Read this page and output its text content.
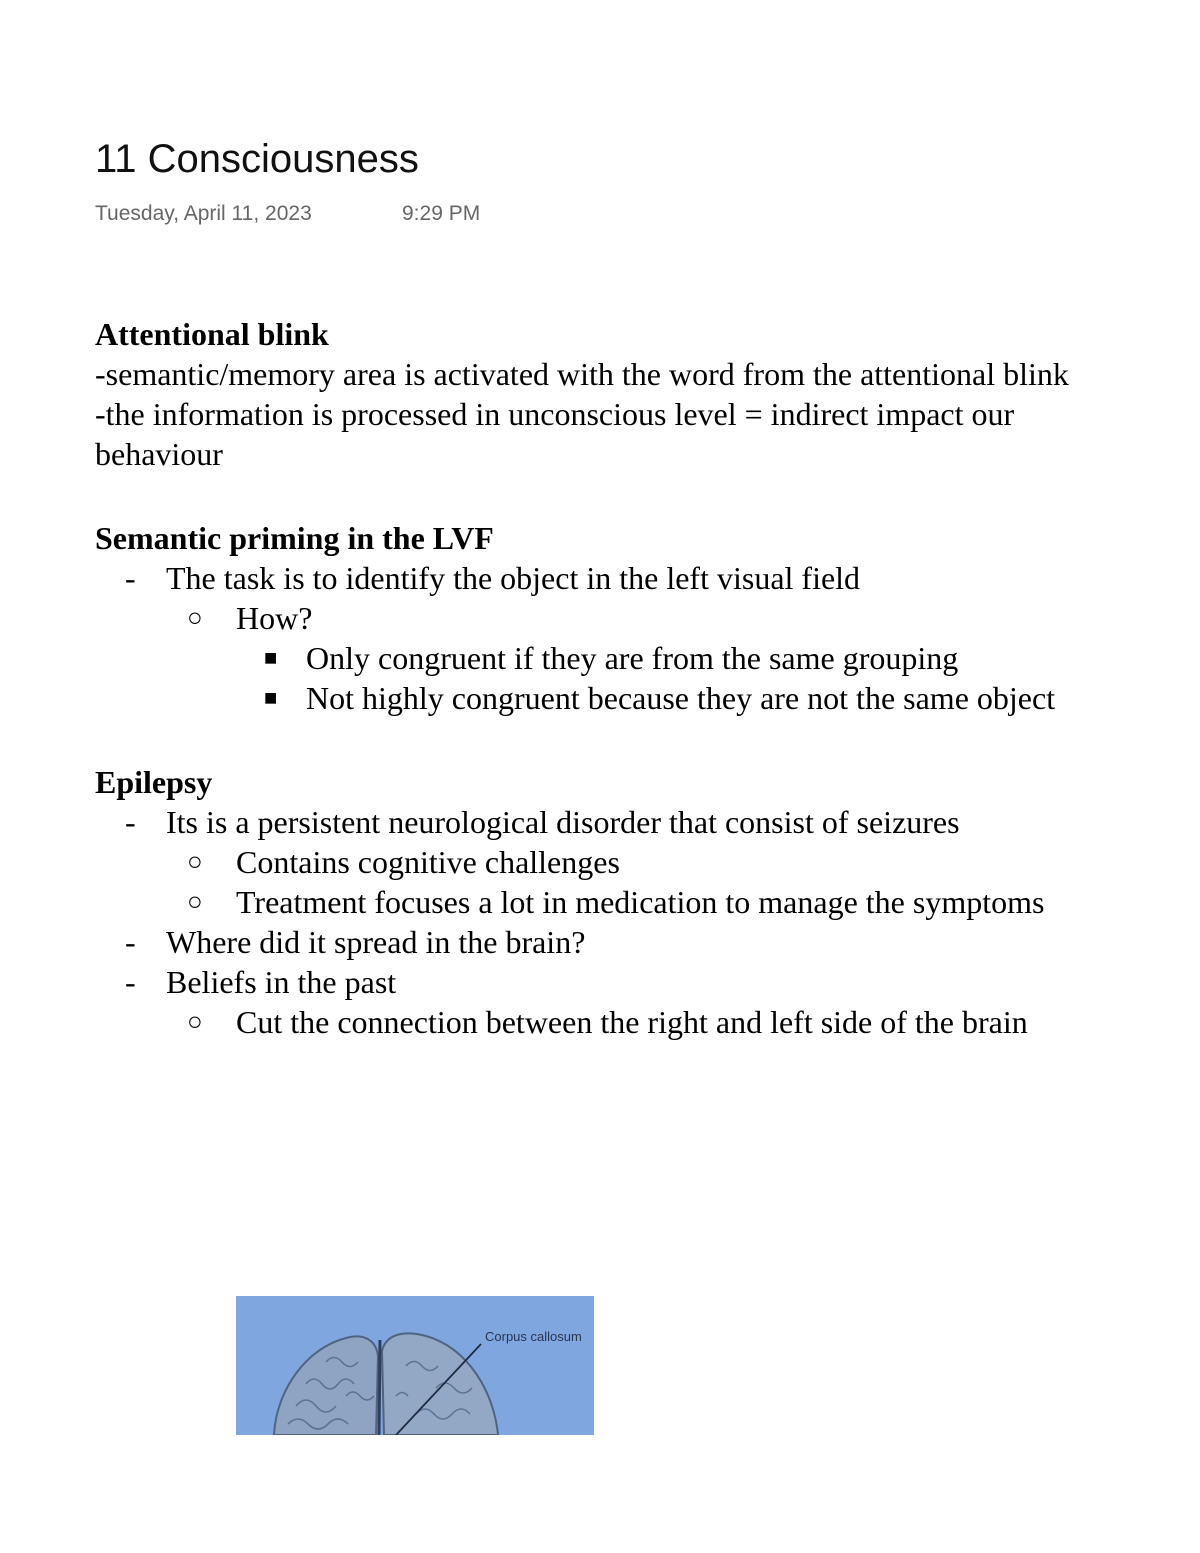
11 Consciousness
Tuesday, April 11, 2023	9:29 PM

Attentional blink

-semantic/memory area is activated with the word from the attentional blink

-the information is processed in unconscious level = indirect impact our behaviour

Semantic priming in the LVF

- The task is to identify the object in the left visual field
○ How?
■ Only congruent if they are from the same grouping
■ Not highly congruent because they are not the same object

Epilepsy

- Its is a persistent neurological disorder that consist of seizures
○ Contains cognitive challenges
○ Treatment focuses a lot in medication to manage the symptoms
- Where did it spread in the brain?
- Beliefs in the past
○ Cut the connection between the right and left side of the brain
Corpus callosum
